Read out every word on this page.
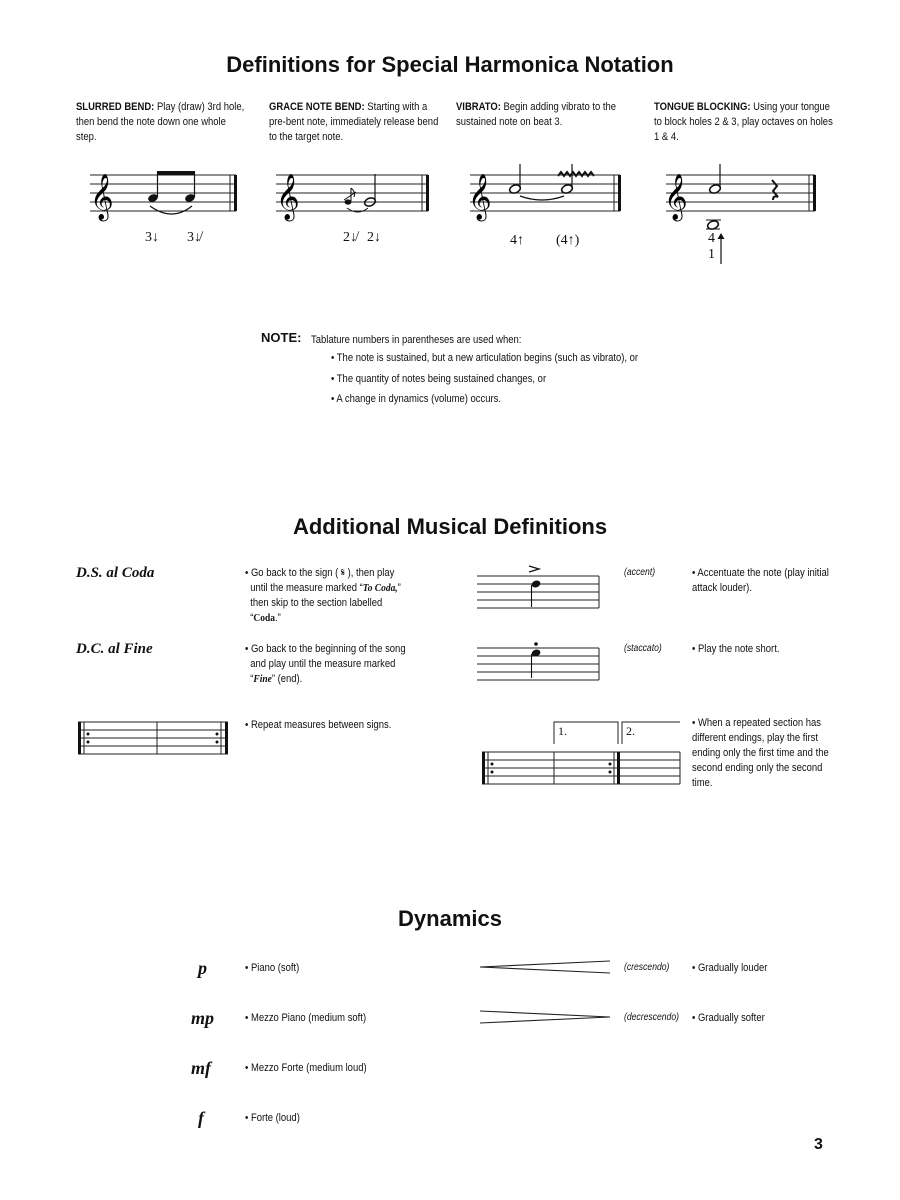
Definitions for Special Harmonica Notation
SLURRED BEND: Play (draw) 3rd hole, then bend the note down one whole step.
GRACE NOTE BEND: Starting with a pre-bent note, immediately release bend to the target note.
VIBRATO: Begin adding vibrato to the sustained note on beat 3.
TONGUE BLOCKING: Using your tongue to block holes 2 & 3, play octaves on holes 1 & 4.
𝄞	𝄞	𝄞	𝄞
3↓ 3↓̸	2↓̸ 2↓	4↑ (4↑)	4
1
NOTE: Tablature numbers in parentheses are used when:
• The note is sustained, but a new articulation begins (such as vibrato), or
• The quantity of notes being sustained changes, or
• A change in dynamics (volume) occurs.
Additional Musical Definitions
D.S. al Coda	• Go back to the sign ( 𝄋 ), then play
until the measure marked “To Coda,”
then skip to the section labelled
“Coda.”
D.C. al Fine	• Go back to the beginning of the song
and play until the measure marked
“Fine” (end).
• Repeat measures between signs.
(accent)	• Accentuate the note (play initial attack louder).
(staccato)	• Play the note short.
1.	2.
• When a repeated section has different endings, play the first ending only the first time and the second ending only the second time.
Dynamics
p	• Piano (soft)
mp	• Mezzo Piano (medium soft)
mf	• Mezzo Forte (medium loud)
f	• Forte (loud)
(crescendo) • Gradually louder
(decrescendo) • Gradually softer
3
